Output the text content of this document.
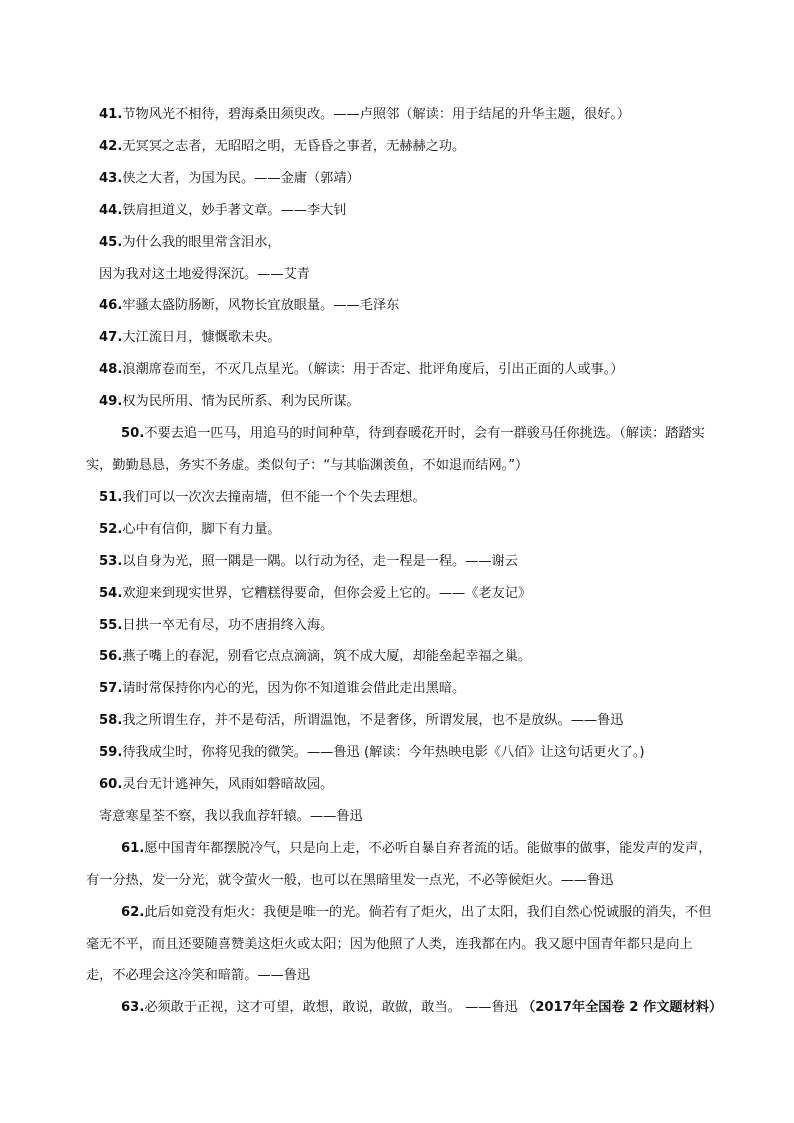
41.节物风光不相待，碧海桑田须臾改。——卢照邻（解读：用于结尾的升华主题，很好。）
42.无冥冥之志者，无昭昭之明，无昏昏之事者，无赫赫之功。
43.侠之大者，为国为民。——金庸（郭靖）
44.铁肩担道义，妙手著文章。——李大钊
45.为什么我的眼里常含泪水，
因为我对这土地爱得深沉。——艾青
46.牢骚太盛防肠断，风物长宜放眼量。——毛泽东
47.大江流日月，慷慨歌未央。
48.浪潮席卷而至，不灭几点星光。（解读：用于否定、批评角度后，引出正面的人或事。）
49.权为民所用、情为民所系、利为民所谋。
50.不要去追一匹马，用追马的时间种草，待到春暖花开时，会有一群骏马任你挑选。（解读：踏踏实
实，勤勤恳恳，务实不务虚。类似句子：“与其临渊羡鱼，不如退而结网。”）
51.我们可以一次次去撞南墙，但不能一个个失去理想。
52.心中有信仰，脚下有力量。
53.以自身为光，照一隅是一隅。以行动为径，走一程是一程。——谢云
54.欢迎来到现实世界，它糟糕得要命，但你会爱上它的。——《老友记》
55.日拱一卒无有尽，功不唐捐终入海。
56.燕子嘴上的春泥，别看它点点滴滴，筑不成大厦，却能垒起幸福之巢。
57.请时常保持你内心的光，因为你不知道谁会借此走出黑暗。
58.我之所谓生存，并不是苟活，所谓温饱，不是奢侈，所谓发展，也不是放纵。——鲁迅
59.待我成尘时，你将见我的微笑。——鲁迅 (解读：今年热映电影《八佰》让这句话更火了。)
60.灵台无计逃神矢，风雨如磐暗故园。
寄意寒星荃不察，我以我血荐轩辕。——鲁迅
61.愿中国青年都摆脱冷气，只是向上走，不必听自暴自弃者流的话。能做事的做事，能发声的发声，
有一分热，发一分光，就令萤火一般，也可以在黑暗里发一点光，不必等候炬火。——鲁迅
62.此后如竟没有炬火：我便是唯一的光。倘若有了炬火，出了太阳，我们自然心悦诚服的消失，不但
毫无不平，而且还要随喜赞美这炬火或太阳；因为他照了人类，连我都在内。我又愿中国青年都只是向上
走，不必理会这冷笑和暗箭。——鲁迅
63.必须敢于正视，这才可望，敢想，敢说，敢做，敢当。 ——鲁迅 （2017年全国卷 2 作文题材料）
